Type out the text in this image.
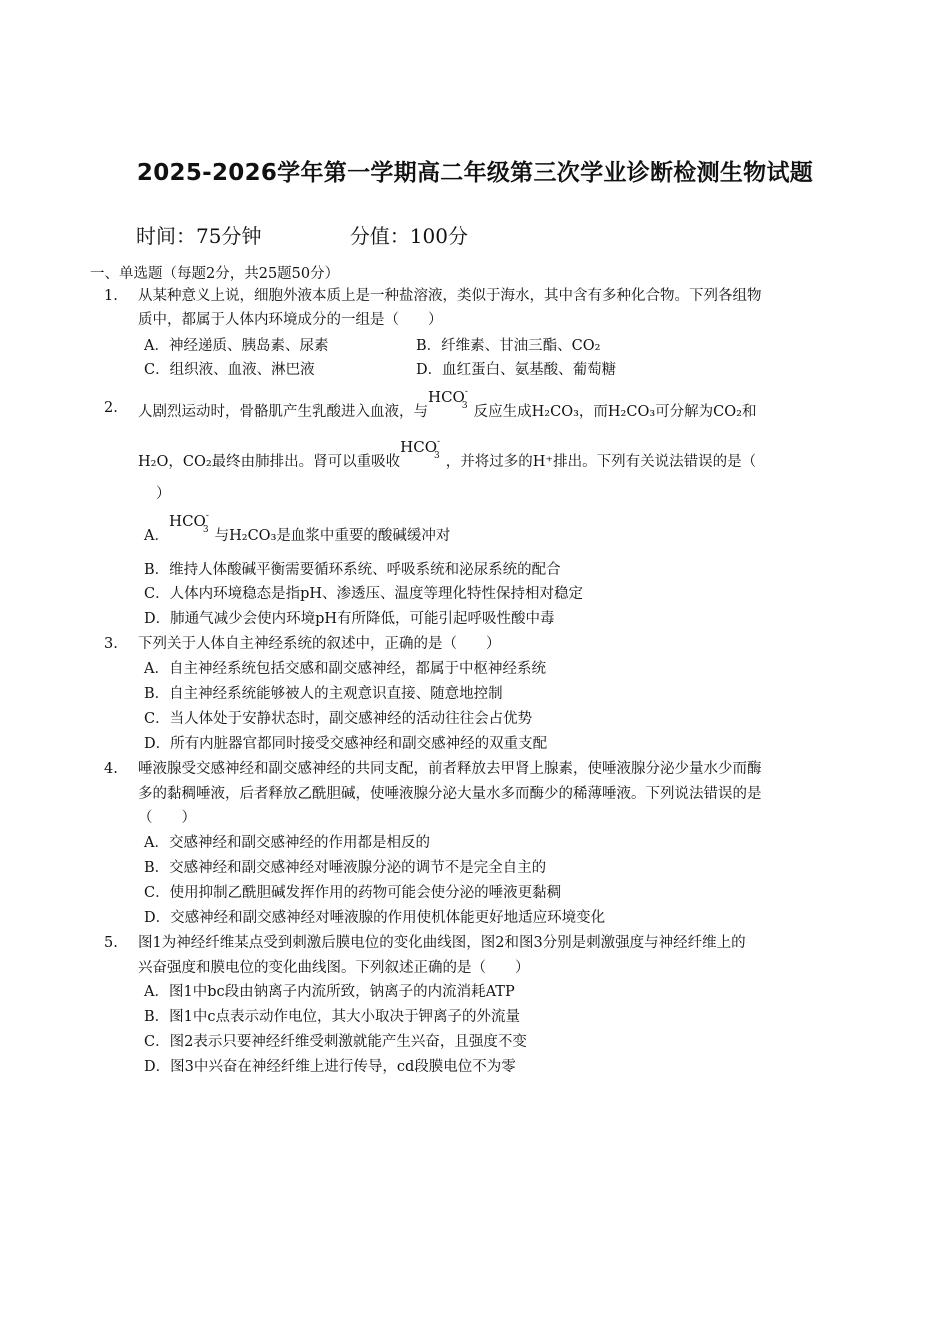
2025-2026学年第一学期高二年级第三次学业诊断检测生物试题
时间：75分钟	分值：100分
一、单选题（每题2分，共25题50分）
1. 从某种意义上说，细胞外液本质上是一种盐溶液，类似于海水，其中含有多种化合物。下列各组物
质中，都属于人体内环境成分的一组是（　　）
A．神经递质、胰岛素、尿素	B．纤维素、甘油三酯、CO₂
C．组织液、血液、淋巴液	D．血红蛋白、氨基酸、葡萄糖
2. 人剧烈运动时，骨骼肌产生乳酸进入血液，与$HCO^-_3$ 反应生成H₂CO₃，而H₂CO₃可分解为CO₂和
H₂O，CO₂最终由肺排出。肾可以重吸收$HCO^-_3$ ，并将过多的H⁺排出。下列有关说法错误的是（
）
A．$HCO^-_3$ 与H₂CO₃是血浆中重要的酸碱缓冲对
B．维持人体酸碱平衡需要循环系统、呼吸系统和泌尿系统的配合
C．人体内环境稳态是指pH、渗透压、温度等理化特性保持相对稳定
D．肺通气减少会使内环境pH有所降低，可能引起呼吸性酸中毒
3. 下列关于人体自主神经系统的叙述中，正确的是（　　）
A．自主神经系统包括交感和副交感神经，都属于中枢神经系统
B．自主神经系统能够被人的主观意识直接、随意地控制
C．当人体处于安静状态时，副交感神经的活动往往会占优势
D．所有内脏器官都同时接受交感神经和副交感神经的双重支配
4. 唾液腺受交感神经和副交感神经的共同支配，前者释放去甲肾上腺素，使唾液腺分泌少量水少而酶
多的黏稠唾液，后者释放乙酰胆碱，使唾液腺分泌大量水多而酶少的稀薄唾液。下列说法错误的是
（　　）
A．交感神经和副交感神经的作用都是相反的
B．交感神经和副交感神经对唾液腺分泌的调节不是完全自主的
C．使用抑制乙酰胆碱发挥作用的药物可能会使分泌的唾液更黏稠
D．交感神经和副交感神经对唾液腺的作用使机体能更好地适应环境变化
5. 图1为神经纤维某点受到刺激后膜电位的变化曲线图，图2和图3分别是刺激强度与神经纤维上的
兴奋强度和膜电位的变化曲线图。下列叙述正确的是（　　）
A．图1中bc段由钠离子内流所致，钠离子的内流消耗ATP
B．图1中c点表示动作电位，其大小取决于钾离子的外流量
C．图2表示只要神经纤维受刺激就能产生兴奋，且强度不变
D．图3中兴奋在神经纤维上进行传导，cd段膜电位不为零
